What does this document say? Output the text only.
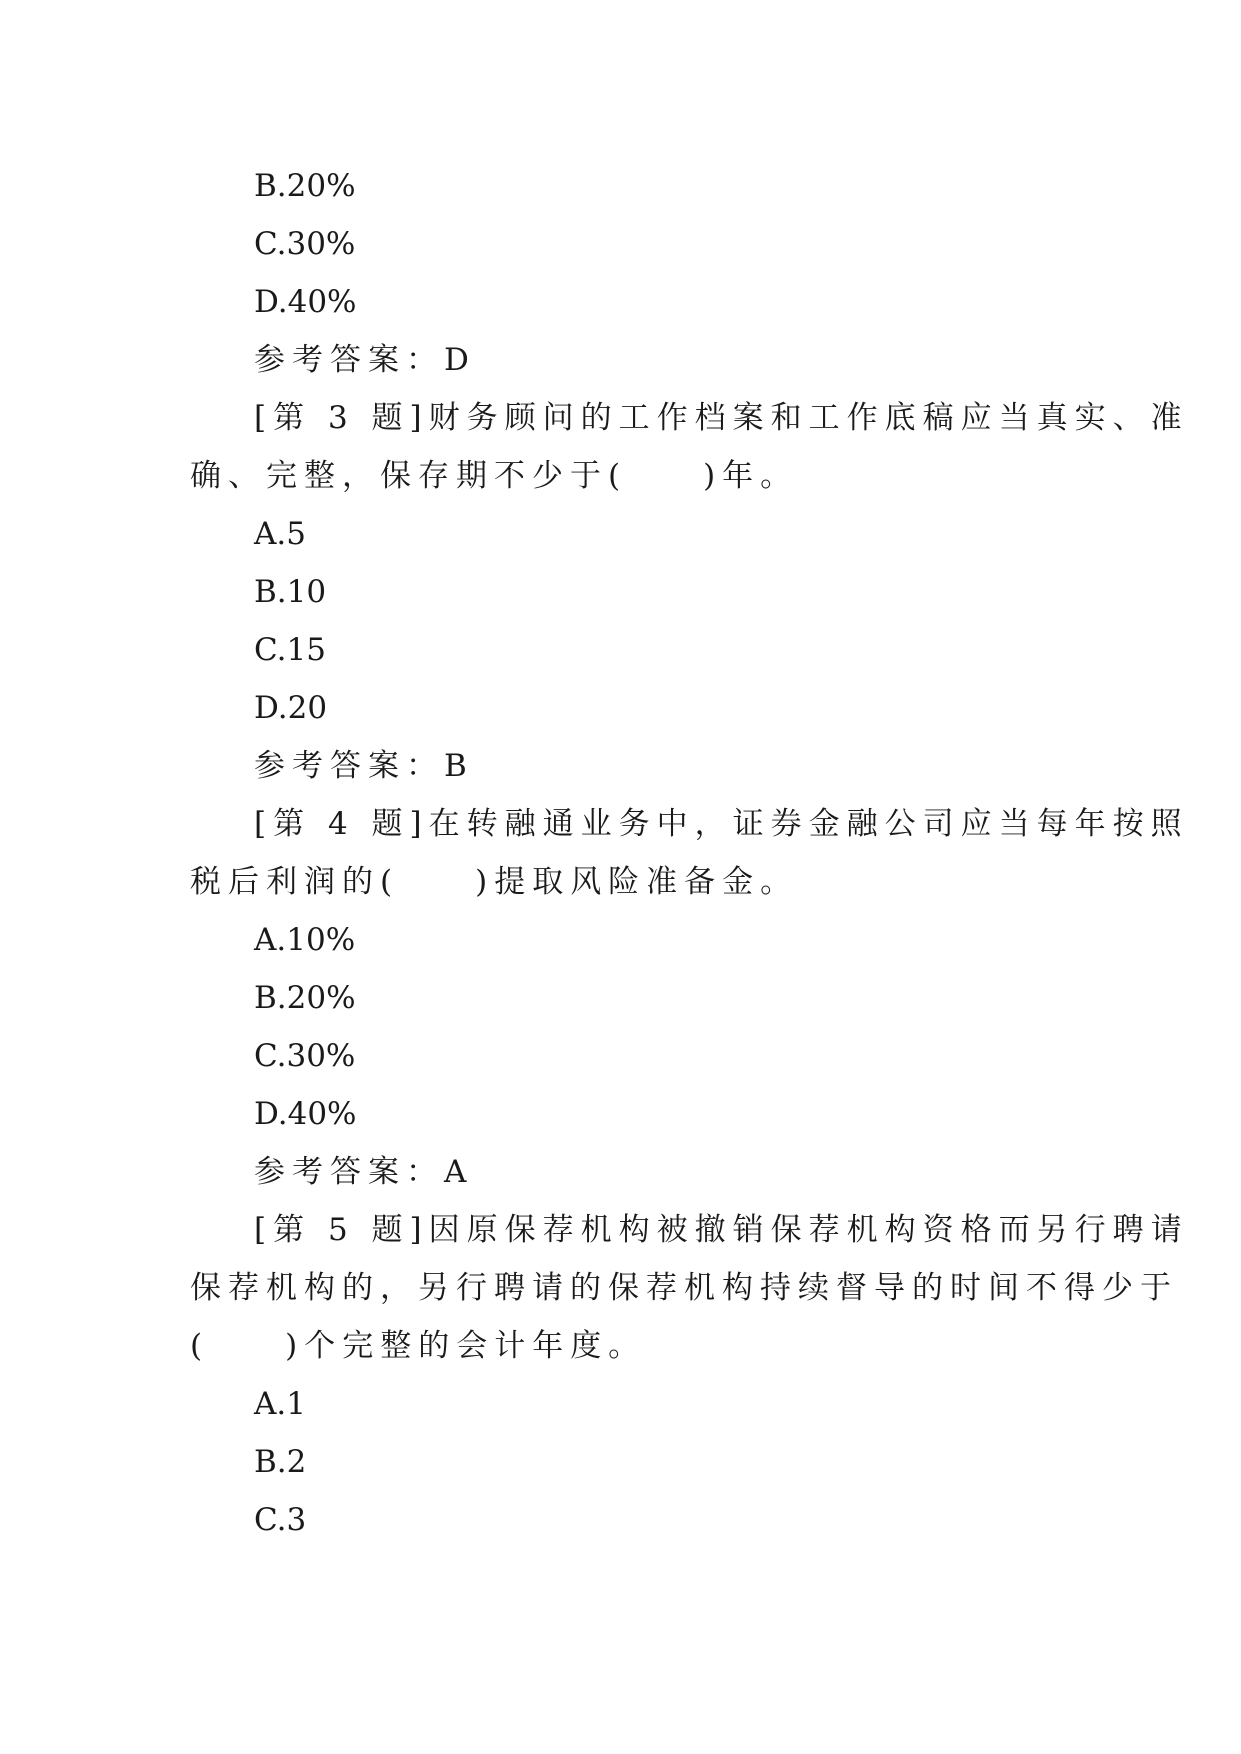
B.20%
C.30%
D.40%
参考答案：D
[第 3 题]财务顾问的工作档案和工作底稿应当真实、准
确、完整，保存期不少于(　　)年。
A.5
B.10
C.15
D.20
参考答案：B
[第 4 题]在转融通业务中，证券金融公司应当每年按照
税后利润的(　　)提取风险准备金。
A.10%
B.20%
C.30%
D.40%
参考答案：A
[第 5 题]因原保荐机构被撤销保荐机构资格而另行聘请
保荐机构的，另行聘请的保荐机构持续督导的时间不得少于
(　　)个完整的会计年度。
A.1
B.2
C.3
